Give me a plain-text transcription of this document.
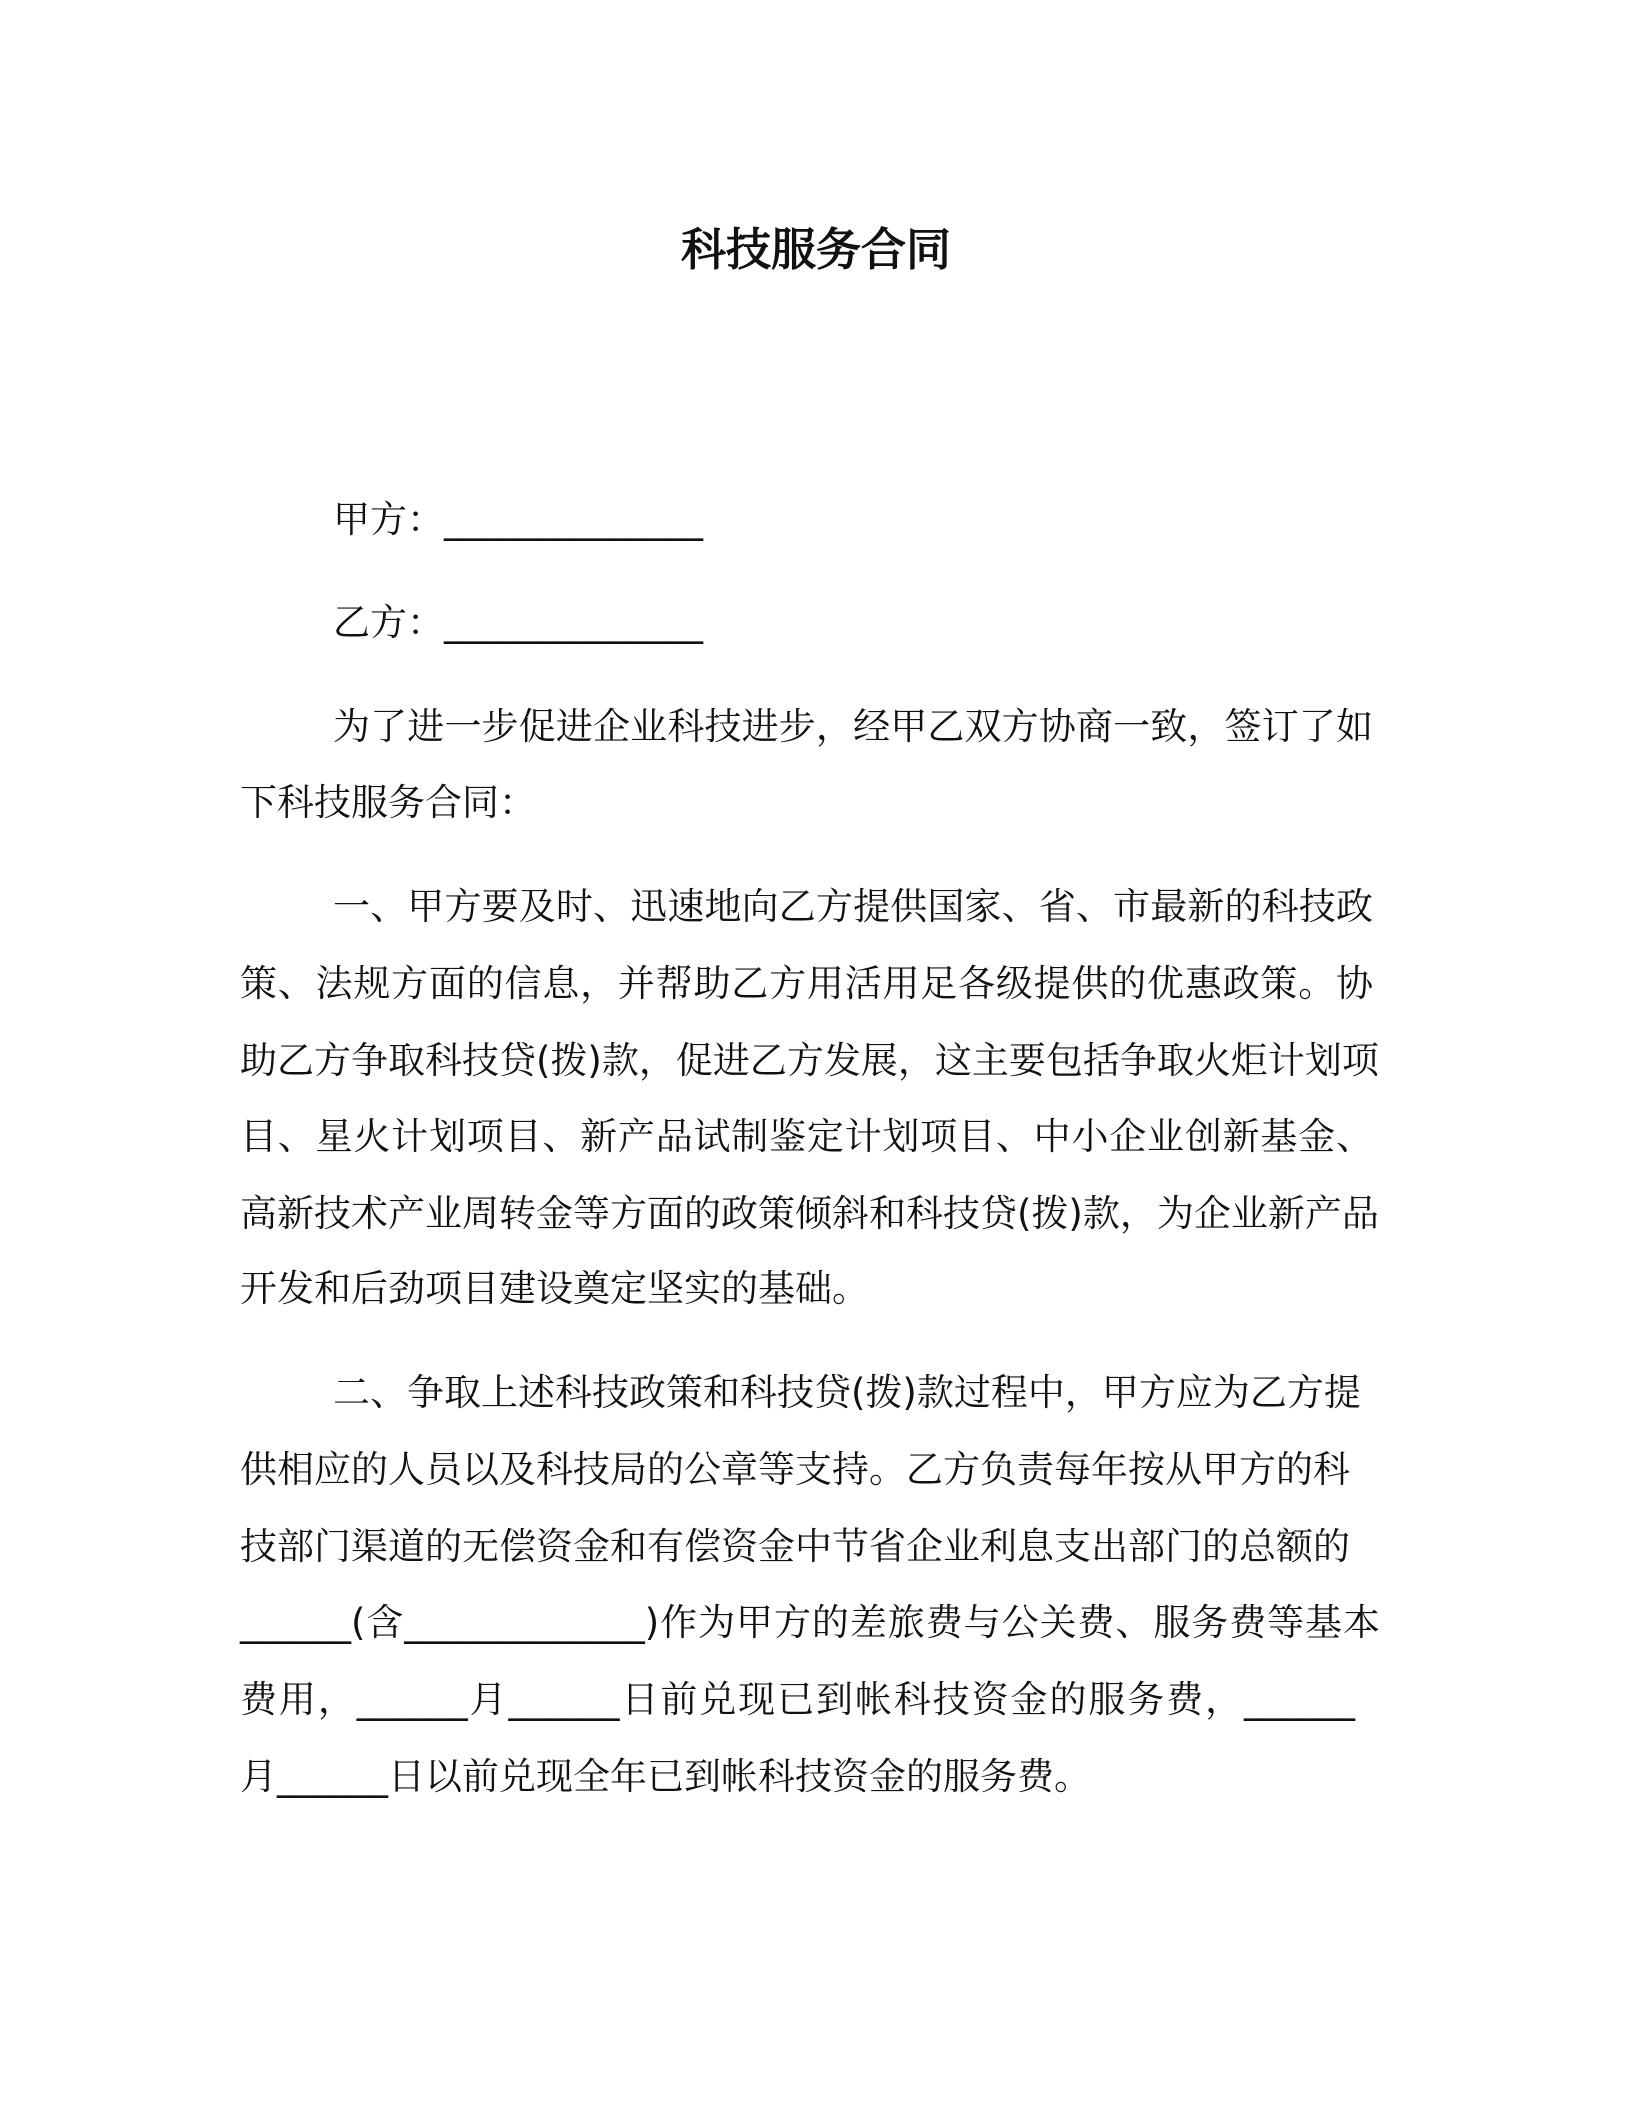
科技服务合同
甲方：______________
乙方：______________
为了进一步促进企业科技进步，经甲乙双方协商一致，签订了如
下科技服务合同：
一、甲方要及时、迅速地向乙方提供国家、省、市最新的科技政
策、法规方面的信息，并帮助乙方用活用足各级提供的优惠政策。协
助乙方争取科技贷(拨)款，促进乙方发展，这主要包括争取火炬计划项
目、星火计划项目、新产品试制鉴定计划项目、中小企业创新基金、
高新技术产业周转金等方面的政策倾斜和科技贷(拨)款，为企业新产品
开发和后劲项目建设奠定坚实的基础。
二、争取上述科技政策和科技贷(拨)款过程中，甲方应为乙方提
供相应的人员以及科技局的公章等支持。乙方负责每年按从甲方的科
技部门渠道的无偿资金和有偿资金中节省企业利息支出部门的总额的
______(含_____________)作为甲方的差旅费与公关费、服务费等基本
费用，______月______日前兑现已到帐科技资金的服务费，______
月______日以前兑现全年已到帐科技资金的服务费。
